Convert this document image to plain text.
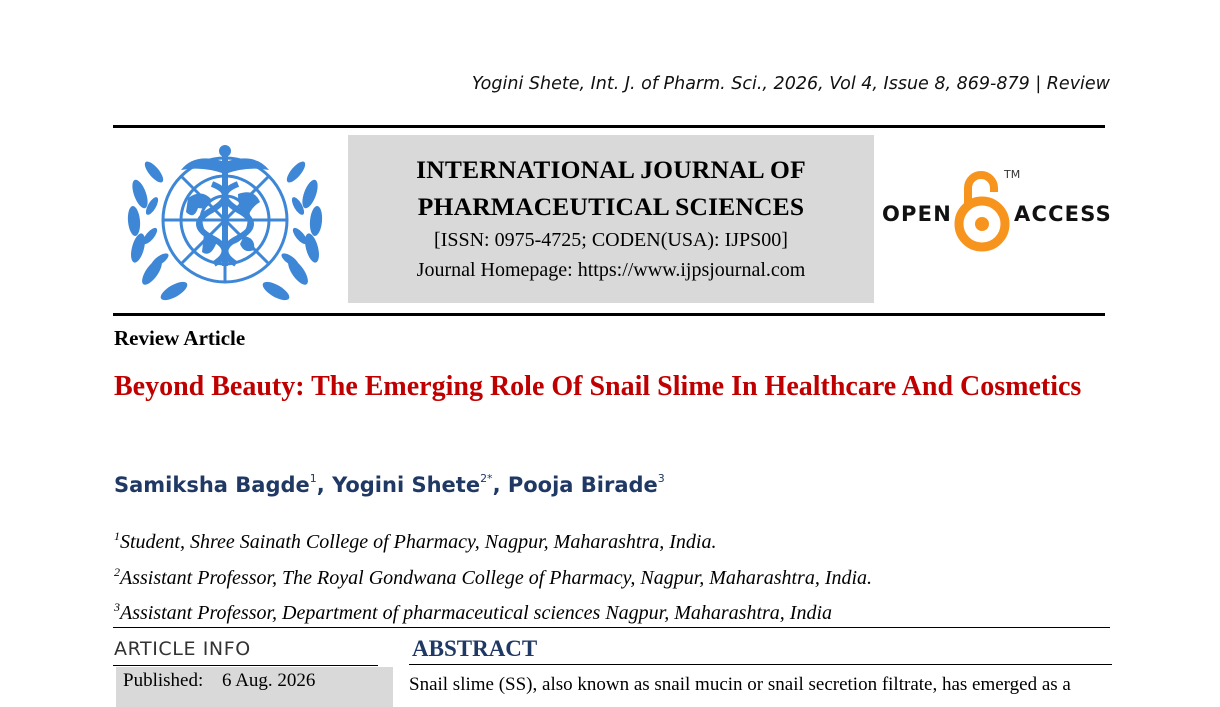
Yogini Shete, Int. J. of Pharm. Sci., 2026, Vol 4, Issue 8, 869-879 | Review
INTERNATIONAL JOURNAL OF
PHARMACEUTICAL SCIENCES
[ISSN: 0975-4725; CODEN(USA): IJPS00]
Journal Homepage: https://www.ijpsjournal.com
OPEN
TM
ACCESS
Review Article
Beyond Beauty: The Emerging Role Of Snail Slime In Healthcare And Cosmetics
Samiksha Bagde$^1$, Yogini Shete$^{2*}$, Pooja Birade$^3$
$^1$Student, Shree Sainath College of Pharmacy, Nagpur, Maharashtra, India.
$^2$Assistant Professor, The Royal Gondwana College of Pharmacy, Nagpur, Maharashtra, India.
$^3$Assistant Professor, Department of pharmaceutical sciences Nagpur, Maharashtra, India
ARTICLE INFO
Published: 6 Aug. 2026
ABSTRACT
Snail slime (SS), also known as snail mucin or snail secretion filtrate, has emerged as a
